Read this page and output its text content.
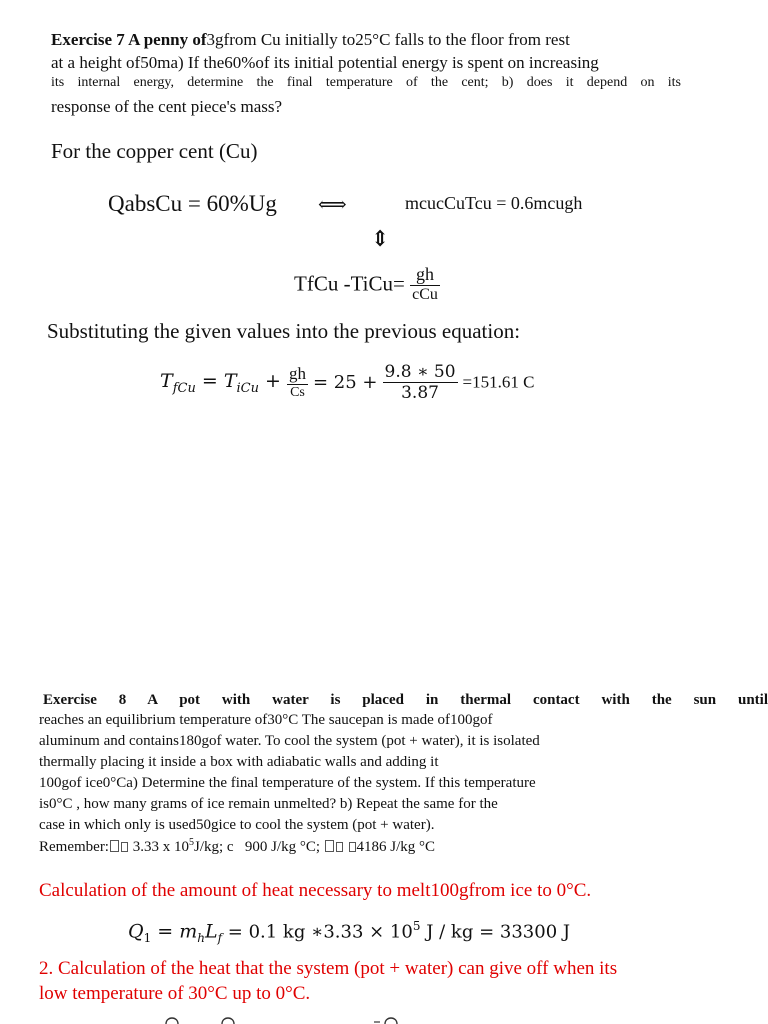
Exercise 7 A penny of3gfrom Cu initially to25°C falls to the floor from rest
at a height of50ma) If the60%of its initial potential energy is spent on increasing
its internal energy, determine the final temperature of the cent; b) does it depend on its
response of the cent piece's mass?
For the copper cent (Cu)
QabsCu = 60%Ug ⟺	mcucCuTcu = 0.6mcugh
⇕
TfCu -TiCu= $\frac{gh}{\text{cCu}}$
Substituting the given values into the previous equation:
$T_{fCu} = T_{iCu} + \frac{gh}{Cs} = 25 + \frac{9.8 ∗ 50}{3.87} =151.61$ C
Exercise 8 A pot with water is placed in thermal contact with the sun until
reaches an equilibrium temperature of30°C The saucepan is made of100gof
aluminum and contains180gof water. To cool the system (pot + water), it is isolated
thermally placing it inside a box with adiabatic walls and adding it
100gof ice0°Ca) Determine the final temperature of the system. If this temperature
is0°C , how many grams of ice remain unmelted? b) Repeat the same for the
case in which only is used50gice to cool the system (pot + water).
Remember: 3.33 x $10^5J/kg$; c 900 J/kg °C; 4186 J/kg °C
Calculation of the amount of heat necessary to melt100gfrom ice to 0°C.
$Q_1 = m_hL_f = 0.1$ kg ∗3.33 × $10^5$ J / kg = 33300 J
2. Calculation of the heat that the system (pot + water) can give off when its
low temperature of 30°C up to 0°C.
